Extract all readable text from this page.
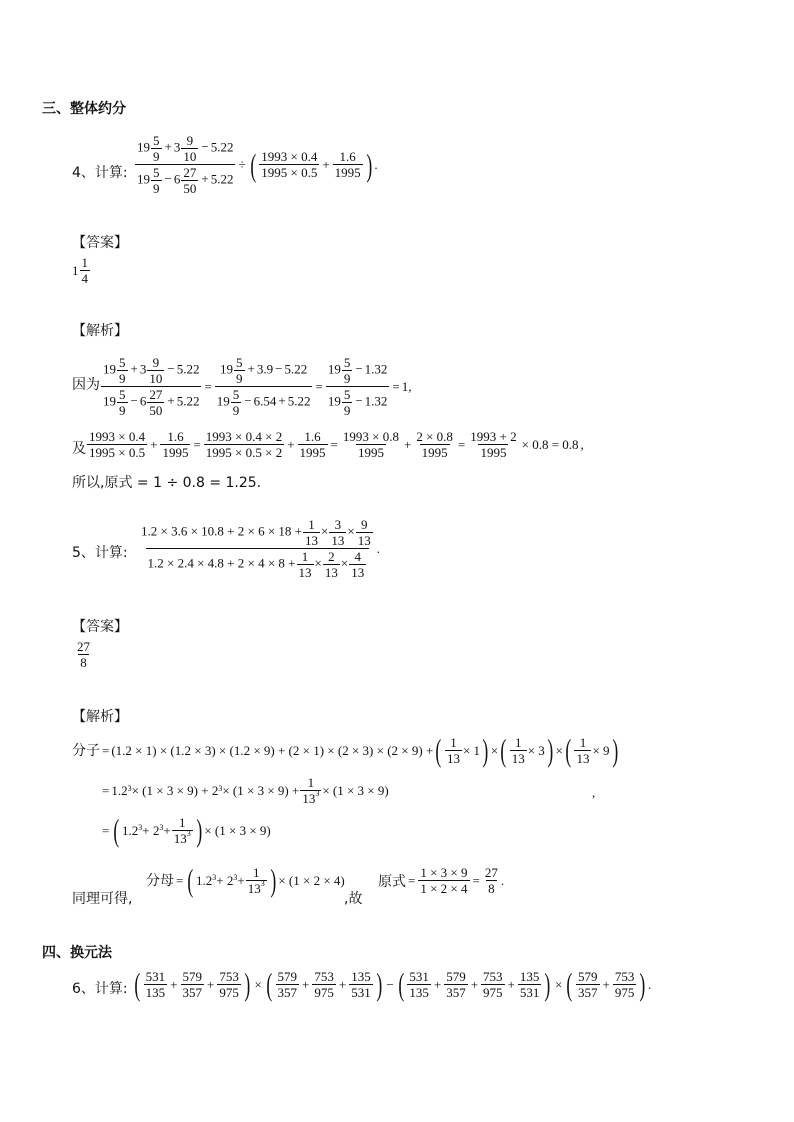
三、整体约分
4、计算: $\frac{19 \frac{5}{9} + 3 \frac{9}{10} - 5.22}{19 \frac{5}{9} - 6 \frac{27}{50} + 5.22}$ ÷ ( 1993 × 0.4
1995 × 0.5
+ $\frac{1.6}{1995}$ ) .
【答案】
1
1
4
【解析】
因为 $\frac{19 \frac{5}{9} + 3 \frac{9}{10} - 5.22}{19 \frac{5}{9} - 6 \frac{27}{50} + 5.22} = \frac{19 \frac{5}{9} + 3.9 - 5.22}{19 \frac{5}{9} - 6.54 + 5.22} = \frac{19 \frac{5}{9} - 1.32}{19 \frac{5}{9} - 1.32} = 1$ ,
及
1993 × 0.4
1995 × 0.5
+ $\frac{1.6}{1995} = \frac{1993 \times 0.4 \times 2}{1995 \times 0.5 \times 2} + \frac{1.6}{1995} = \frac{1993 \times 0.8}{1995} + \frac{2 \times 0.8}{1995} = \frac{1993 + 2}{1995} \times 0.8 = 0.8$ ,
所以,原式 = 1 ÷ 0.8 = 1.25.
5、计算:
$1.2 \times 3.6 \times 10.8 + 2 \times 6 \times 18 + \frac{1}{13} \times \frac{3}{13} \times \frac{9}{13}$
$1.2 \times 2.4 \times 4.8 + 2 \times 4 \times 8 + \frac{1}{13} \times \frac{2}{13} \times \frac{4}{13}$
.
【答案】
$\frac{27}{8}$
【解析】
分子 = (1.2 × 1) × (1.2 × 3) × (1.2 × 9) + (2 × 1) × (2 × 3) × (2 × 9) + ( 1
13
× 1 ) × ( 1
13
× 3 ) × ( 1
13
× 9 )
= $1.2^3 \times (1 \times 3 \times 9) + 2^3 \times (1 \times 3 \times 9)$ +
1
$13^3 \times (1 \times 3 \times 9)$	,
= ( $1.2^3 + 2^3$ +
1
$13^3$ ) × (1 × 3 × 9)
同理可得,
分母 = ( $1.2^3 + 2^3$ +
1
$13^3$ ) × (1 × 2 × 4)
,故
原式 = $\frac{1 \times 3 \times 9}{1 \times 2 \times 4} = \frac{27}{8}$ .
四、换元法
6、计算: ( 531
135
+ $\frac{579}{357} + \frac{753}{975}$ ) × ( 579
357
+ $\frac{753}{975} + \frac{135}{531}$ ) − ( 531
135
+ $\frac{579}{357} + \frac{753}{975} + \frac{135}{531}$ ) × ( 579
357
+ $\frac{753}{975}$ ) .
